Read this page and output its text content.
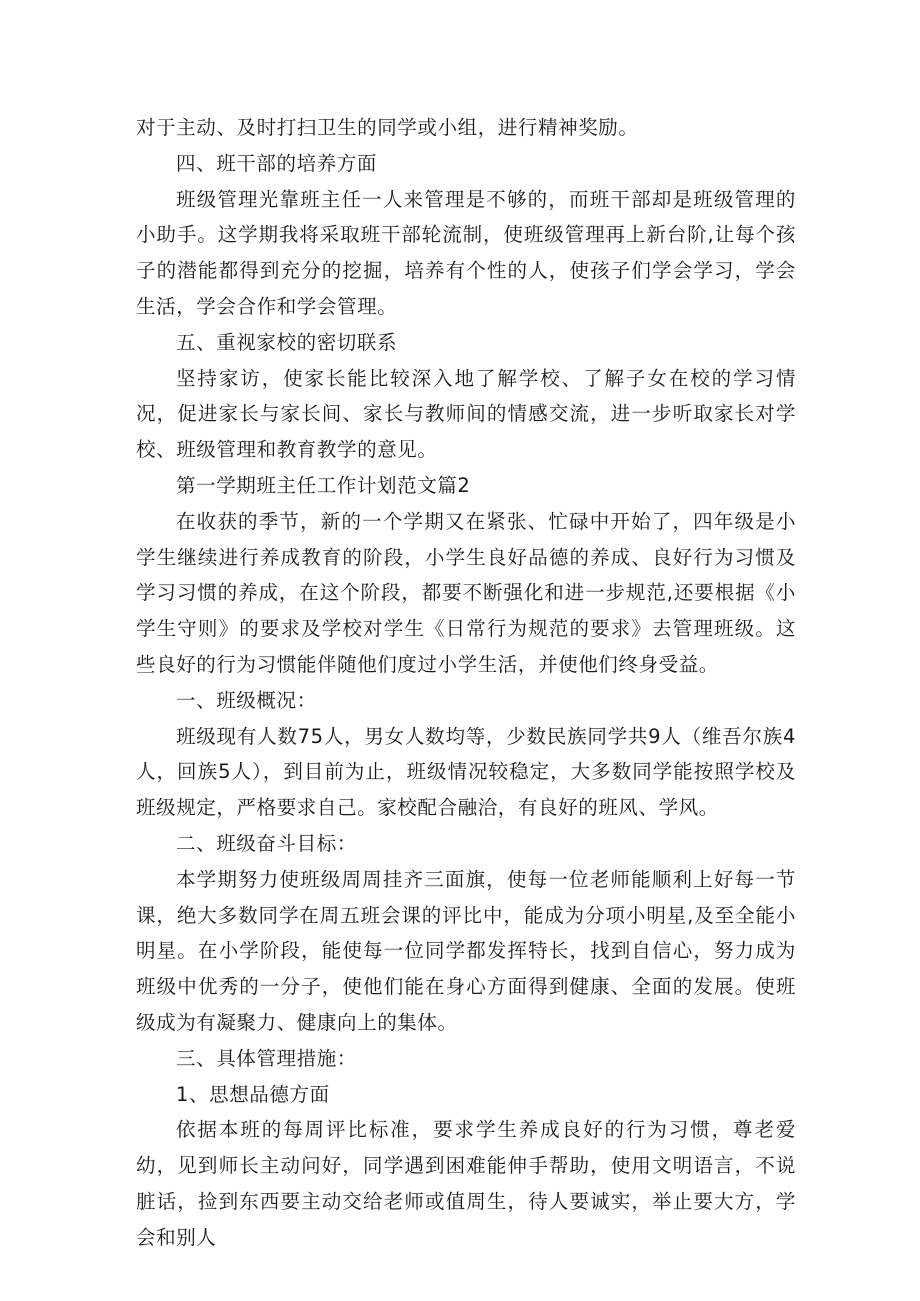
对于主动、及时打扫卫生的同学或小组，进行精神奖励。

四、班干部的培养方面

班级管理光靠班主任一人来管理是不够的，而班干部却是班级管理的小助手。这学期我将采取班干部轮流制，使班级管理再上新台阶,让每个孩子的潜能都得到充分的挖掘，培养有个性的人，使孩子们学会学习，学会生活，学会合作和学会管理。

五、重视家校的密切联系

坚持家访，使家长能比较深入地了解学校、了解子女在校的学习情况，促进家长与家长间、家长与教师间的情感交流，进一步听取家长对学校、班级管理和教育教学的意见。

第一学期班主任工作计划范文篇2

在收获的季节，新的一个学期又在紧张、忙碌中开始了，四年级是小学生继续进行养成教育的阶段，小学生良好品德的养成、良好行为习惯及学习习惯的养成，在这个阶段，都要不断强化和进一步规范,还要根据《小学生守则》的要求及学校对学生《日常行为规范的要求》去管理班级。这些良好的行为习惯能伴随他们度过小学生活，并使他们终身受益。

一、班级概况：

班级现有人数75人，男女人数均等，少数民族同学共9人（维吾尔族4人，回族5人），到目前为止，班级情况较稳定，大多数同学能按照学校及班级规定，严格要求自己。家校配合融洽，有良好的班风、学风。

二、班级奋斗目标：

本学期努力使班级周周挂齐三面旗，使每一位老师能顺利上好每一节课，绝大多数同学在周五班会课的评比中，能成为分项小明星,及至全能小明星。在小学阶段，能使每一位同学都发挥特长，找到自信心，努力成为班级中优秀的一分子，使他们能在身心方面得到健康、全面的发展。使班级成为有凝聚力、健康向上的集体。

三、具体管理措施：

1、思想品德方面

依据本班的每周评比标准，要求学生养成良好的行为习惯，尊老爱幼，见到师长主动问好，同学遇到困难能伸手帮助，使用文明语言，不说脏话，捡到东西要主动交给老师或值周生，待人要诚实，举止要大方，学会和别人
